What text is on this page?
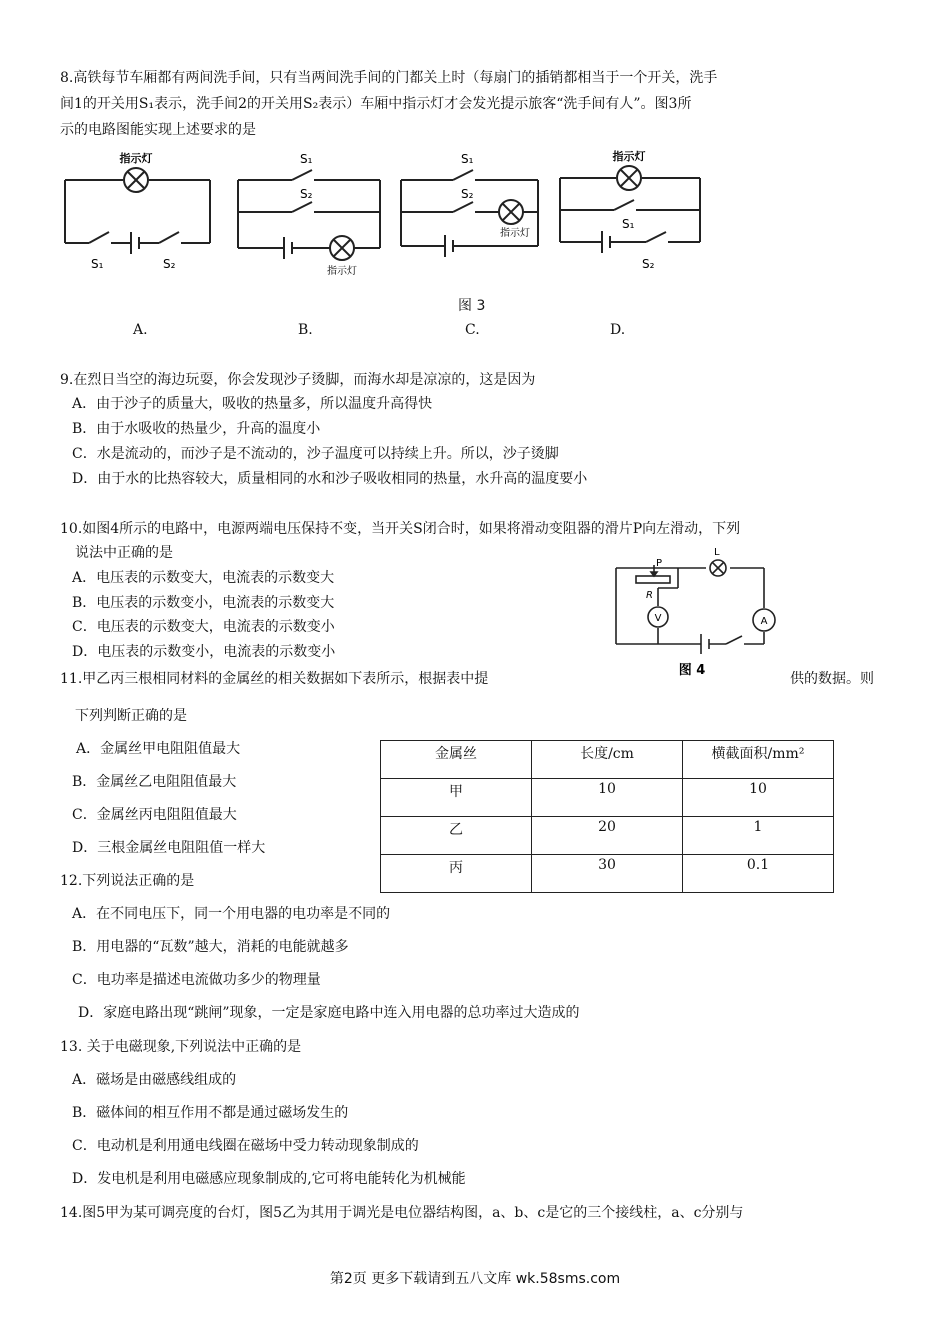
8.高铁每节车厢都有两间洗手间，只有当两间洗手间的门都关上时（每扇门的插销都相当于一个开关，洗手
间1的开关用S₁表示，洗手间2的开关用S₂表示）车厢中指示灯才会发光提示旅客“洗手间有人”。图3所
示的电路图能实现上述要求的是
指示灯
S₁	S₂
S₁
S₂
指示灯
S₁
S₂
指示灯
指示灯
S₁
S₂
图 3
A.	B.	C.	D.
9.在烈日当空的海边玩耍，你会发现沙子烫脚，而海水却是凉凉的，这是因为
A．由于沙子的质量大，吸收的热量多，所以温度升高得快
B．由于水吸收的热量少，升高的温度小
C．水是流动的，而沙子是不流动的，沙子温度可以持续上升。所以，沙子烫脚
D．由于水的比热容较大，质量相同的水和沙子吸收相同的热量，水升高的温度要小
10.如图4所示的电路中，电源两端电压保持不变，当开关S闭合时，如果将滑动变阻器的滑片P向左滑动，下列
说法中正确的是
A．电压表的示数变大，电流表的示数变大
B．电压表的示数变小，电流表的示数变大
C．电压表的示数变大，电流表的示数变小
D．电压表的示数变小，电流表的示数变小
V	A
P
L
R
图 4
11.甲乙丙三根相同材料的金属丝的相关数据如下表所示，根据表中提	供的数据。则
下列判断正确的是
A．金属丝甲电阻阻值最大
B．金属丝乙电阻阻值最大
C．金属丝丙电阻阻值最大
D．三根金属丝电阻阻值一样大
金属丝	长度/cm	横截面积/mm²
甲	10	10
乙	20	1
丙	30	0.1
12.下列说法正确的是
A．在不同电压下，同一个用电器的电功率是不同的
B．用电器的“瓦数”越大，消耗的电能就越多
C．电功率是描述电流做功多少的物理量
D．家庭电路出现“跳闸”现象，一定是家庭电路中连入用电器的总功率过大造成的
13. 关于电磁现象,下列说法中正确的是
A．磁场是由磁感线组成的
B．磁体间的相互作用不都是通过磁场发生的
C．电动机是利用通电线圈在磁场中受力转动现象制成的
D．发电机是利用电磁感应现象制成的,它可将电能转化为机械能
14.图5甲为某可调亮度的台灯，图5乙为其用于调光是电位器结构图，a、b、c是它的三个接线柱，a、c分别与
第2页 更多下载请到五八文库 wk.58sms.com
